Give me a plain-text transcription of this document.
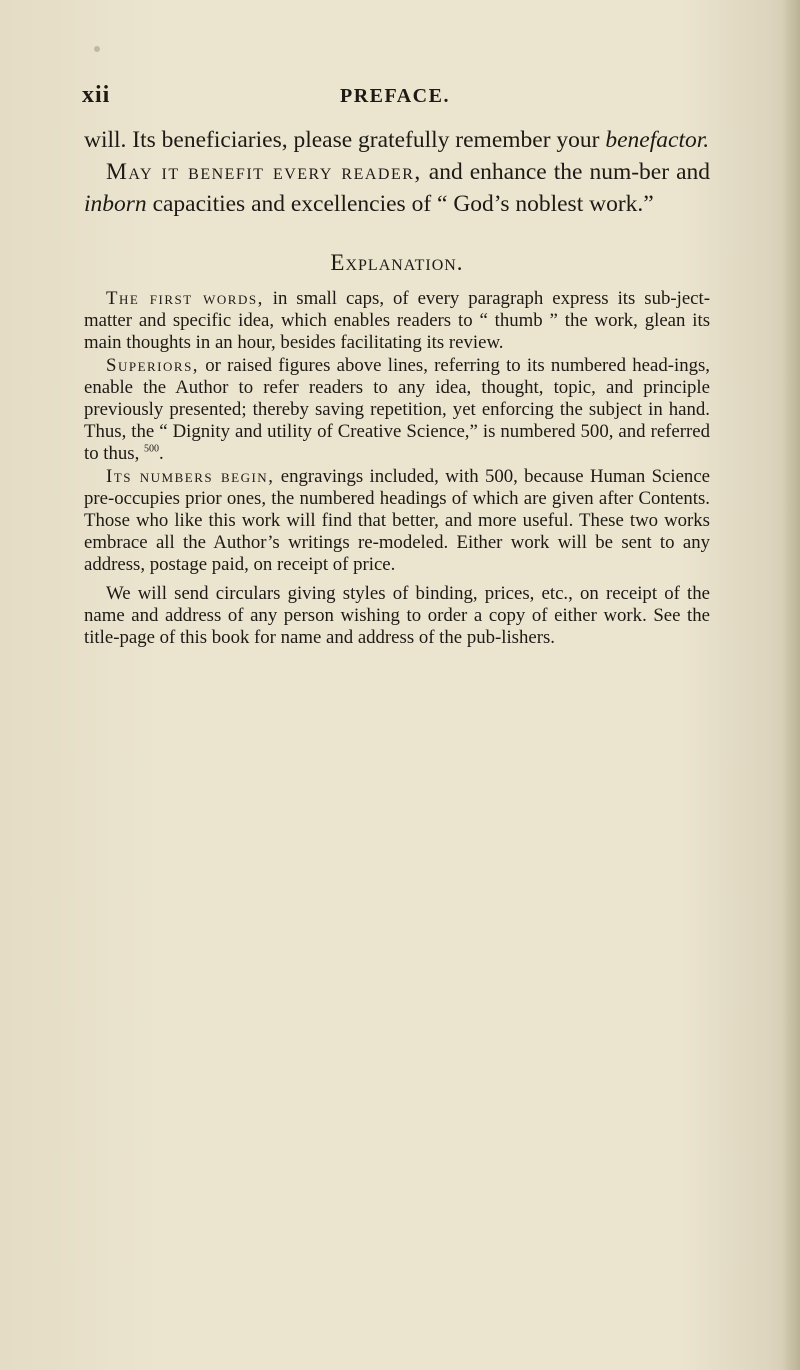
xii	PREFACE.

will. Its beneficiaries, please gratefully remember your benefactor.

May it benefit every reader, and enhance the num-ber and inborn capacities and excellencies of “ God’s noblest work.”

Explanation.

The first words, in small caps, of every paragraph express its sub-ject-matter and specific idea, which enables readers to “ thumb ” the work, glean its main thoughts in an hour, besides facilitating its review.

Superiors, or raised figures above lines, referring to its numbered head-ings, enable the Author to refer readers to any idea, thought, topic, and principle previously presented; thereby saving repetition, yet enforcing the subject in hand. Thus, the “ Dignity and utility of Creative Science,” is numbered 500, and referred to thus, $^{500}$.

Its numbers begin, engravings included, with 500, because Human Science pre-occupies prior ones, the numbered headings of which are given after Contents. Those who like this work will find that better, and more useful. These two works embrace all the Author’s writings re-modeled. Either work will be sent to any address, postage paid, on receipt of price.

We will send circulars giving styles of binding, prices, etc., on receipt of the name and address of any person wishing to order a copy of either work. See the title-page of this book for name and address of the pub-lishers.
